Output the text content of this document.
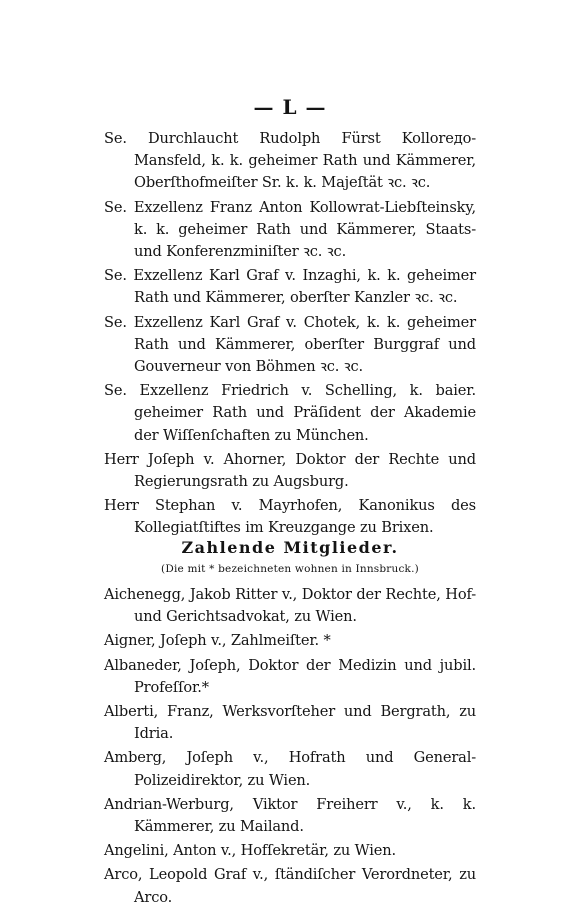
— L —

Se. Durchlaucht Rudolph Fürst Kollorедо-Mansfeld, k. k. geheimer Rath und Kämmerer, Oberſthofmeiſter Sr. k. k. Majeſtät ꝛc. ꝛc.

Se. Exzellenz Franz Anton Kollowrat-Liebſteinsky, k. k. geheimer Rath und Kämmerer, Staats- und Konferenzminiſter ꝛc. ꝛc.

Se. Exzellenz Karl Graf v. Inzaghi, k. k. geheimer Rath und Kämmerer, oberſter Kanzler ꝛc. ꝛc.

Se. Exzellenz Karl Graf v. Chotek, k. k. geheimer Rath und Kämmerer, oberſter Burggraf und Gouverneur von Böhmen ꝛc. ꝛc.

Se. Exzellenz Friedrich v. Schelling, k. baier. geheimer Rath und Präſident der Akademie der Wiſſenſchaften zu München.

Herr Joſeph v. Ahorner, Doktor der Rechte und Regierungsrath zu Augsburg.

Herr Stephan v. Mayrhofen, Kanonikus des Kollegiatſtiftes im Kreuzgange zu Brixen.

Zahlende Mitglieder.
(Die mit * bezeichneten wohnen in Innsbruck.)

Aichenegg, Jakob Ritter v., Doktor der Rechte, Hof- und Gerichtsadvokat, zu Wien.

Aigner, Joſeph v., Zahlmeiſter. *

Albaneder, Joſeph, Doktor der Medizin und jubil. Profeſſor.*

Alberti, Franz, Werksvorſteher und Bergrath, zu Idria.

Amberg, Joſeph v., Hofrath und General-Polizeidirektor, zu Wien.

Andrian-Werburg, Viktor Freiherr v., k. k. Kämmerer, zu Mailand.

Angelini, Anton v., Hofſekretär, zu Wien.

Arco, Leopold Graf v., ſtändiſcher Verordneter, zu Arco.
